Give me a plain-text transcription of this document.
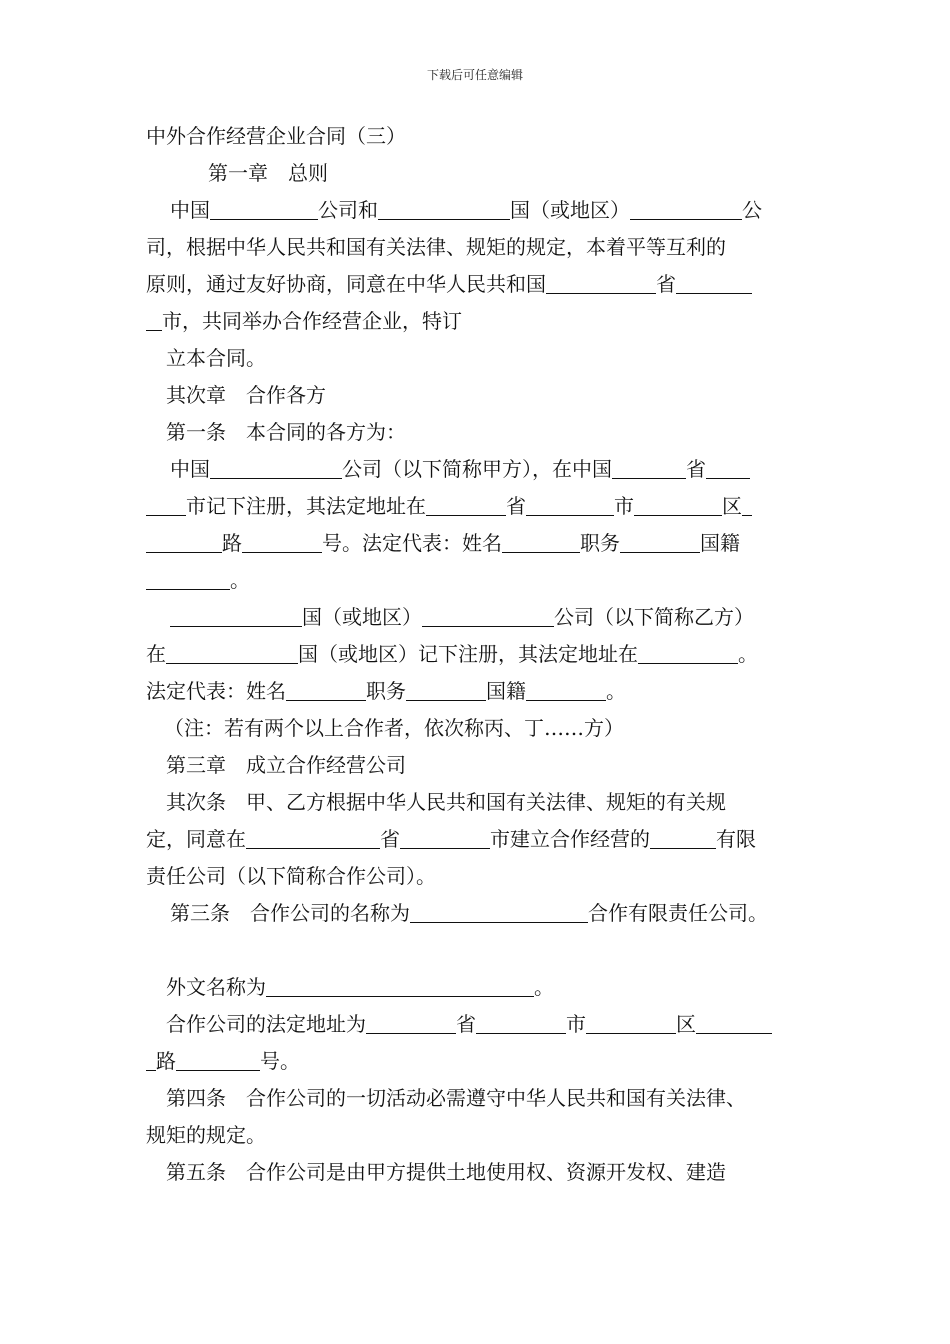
下载后可任意编辑
中外合作经营企业合同（三）
第一章　总则
中国	公司和	国（或地区）	公
司，根据中华人民共和国有关法律、规矩的规定，本着平等互利的
原则，通过友好协商，同意在中华人民共和国	省
市，共同举办合作经营企业，特订
立本合同。
其次章　合作各方
第一条　本合同的各方为：
中国	公司（以下简称甲方），在中国	省
市记下注册，其法定地址在	省	市	区
路	号。法定代表：姓名	职务	国籍
。
国（或地区）	公司（以下简称乙方）
在	国（或地区）记下注册，其法定地址在	。
法定代表：姓名	职务	国籍	。
（注：若有两个以上合作者，依次称丙、丁……方）
第三章　成立合作经营公司
其次条　甲、乙方根据中华人民共和国有关法律、规矩的有关规
定，同意在	省	市建立合作经营的	有限
责任公司（以下简称合作公司）。
第三条　合作公司的名称为	合作有限责任公司。
外文名称为	。
合作公司的法定地址为	省	市	区
路	号。
第四条　合作公司的一切活动必需遵守中华人民共和国有关法律、
规矩的规定。
第五条　合作公司是由甲方提供土地使用权、资源开发权、建造
